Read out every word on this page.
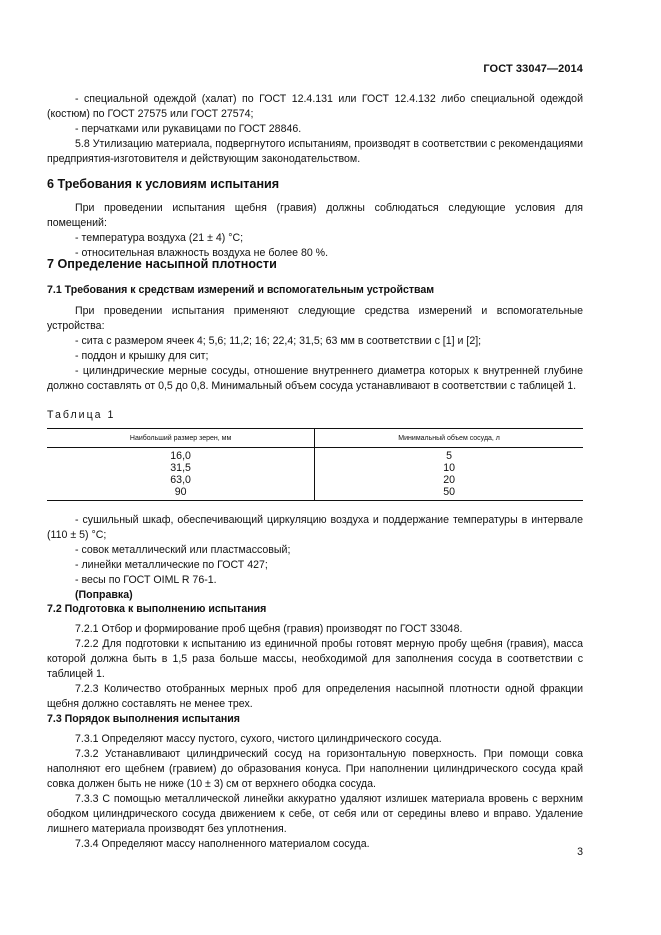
ГОСТ 33047—2014

- специальной одеждой (халат) по ГОСТ 12.4.131 или ГОСТ 12.4.132 либо специальной одеждой (костюм) по ГОСТ 27575 или ГОСТ 27574;

- перчатками или рукавицами по ГОСТ 28846.

5.8 Утилизацию материала, подвергнутого испытаниям, производят в соответствии с рекомендациями предприятия-изготовителя и действующим законодательством.

6 Требования к условиям испытания

При проведении испытания щебня (гравия) должны соблюдаться следующие условия для помещений:

- температура воздуха (21 ± 4) °С;

- относительная влажность воздуха не более 80 %.

7 Определение насыпной плотности

7.1 Требования к средствам измерений и вспомогательным устройствам

При проведении испытания применяют следующие средства измерений и вспомогательные устройства:

- сита с размером ячеек 4; 5,6; 11,2; 16; 22,4; 31,5; 63 мм в соответствии с [1] и [2];

- поддон и крышку для сит;

- цилиндрические мерные сосуды, отношение внутреннего диаметра которых к внутренней глубине должно составлять от 0,5 до 0,8. Минимальный объем сосуда устанавливают в соответствии с таблицей 1.

Таблица 1

Наибольший размер зерен, мм	Минимальный объем сосуда, л
16,0	5
31,5	10
63,0	20
90	50

- сушильный шкаф, обеспечивающий циркуляцию воздуха и поддержание температуры в интервале (110 ± 5) °С;

- совок металлический или пластмассовый;

- линейки металлические по ГОСТ 427;

- весы по ГОСТ OIML R 76-1.

(Поправка)

7.2 Подготовка к выполнению испытания

7.2.1 Отбор и формирование проб щебня (гравия) производят по ГОСТ 33048.

7.2.2 Для подготовки к испытанию из единичной пробы готовят мерную пробу щебня (гравия), масса которой должна быть в 1,5 раза больше массы, необходимой для заполнения сосуда в соответствии с таблицей 1.

7.2.3 Количество отобранных мерных проб для определения насыпной плотности одной фракции щебня должно составлять не менее трех.

7.3 Порядок выполнения испытания

7.3.1 Определяют массу пустого, сухого, чистого цилиндрического сосуда.

7.3.2 Устанавливают цилиндрический сосуд на горизонтальную поверхность. При помощи совка наполняют его щебнем (гравием) до образования конуса. При наполнении цилиндрического сосуда край совка должен быть не ниже (10 ± 3) см от верхнего ободка сосуда.

7.3.3 С помощью металлической линейки аккуратно удаляют излишек материала вровень с верхним ободком цилиндрического сосуда движением к себе, от себя или от середины влево и вправо. Удаление лишнего материала производят без уплотнения.

7.3.4 Определяют массу наполненного материалом сосуда.

3
